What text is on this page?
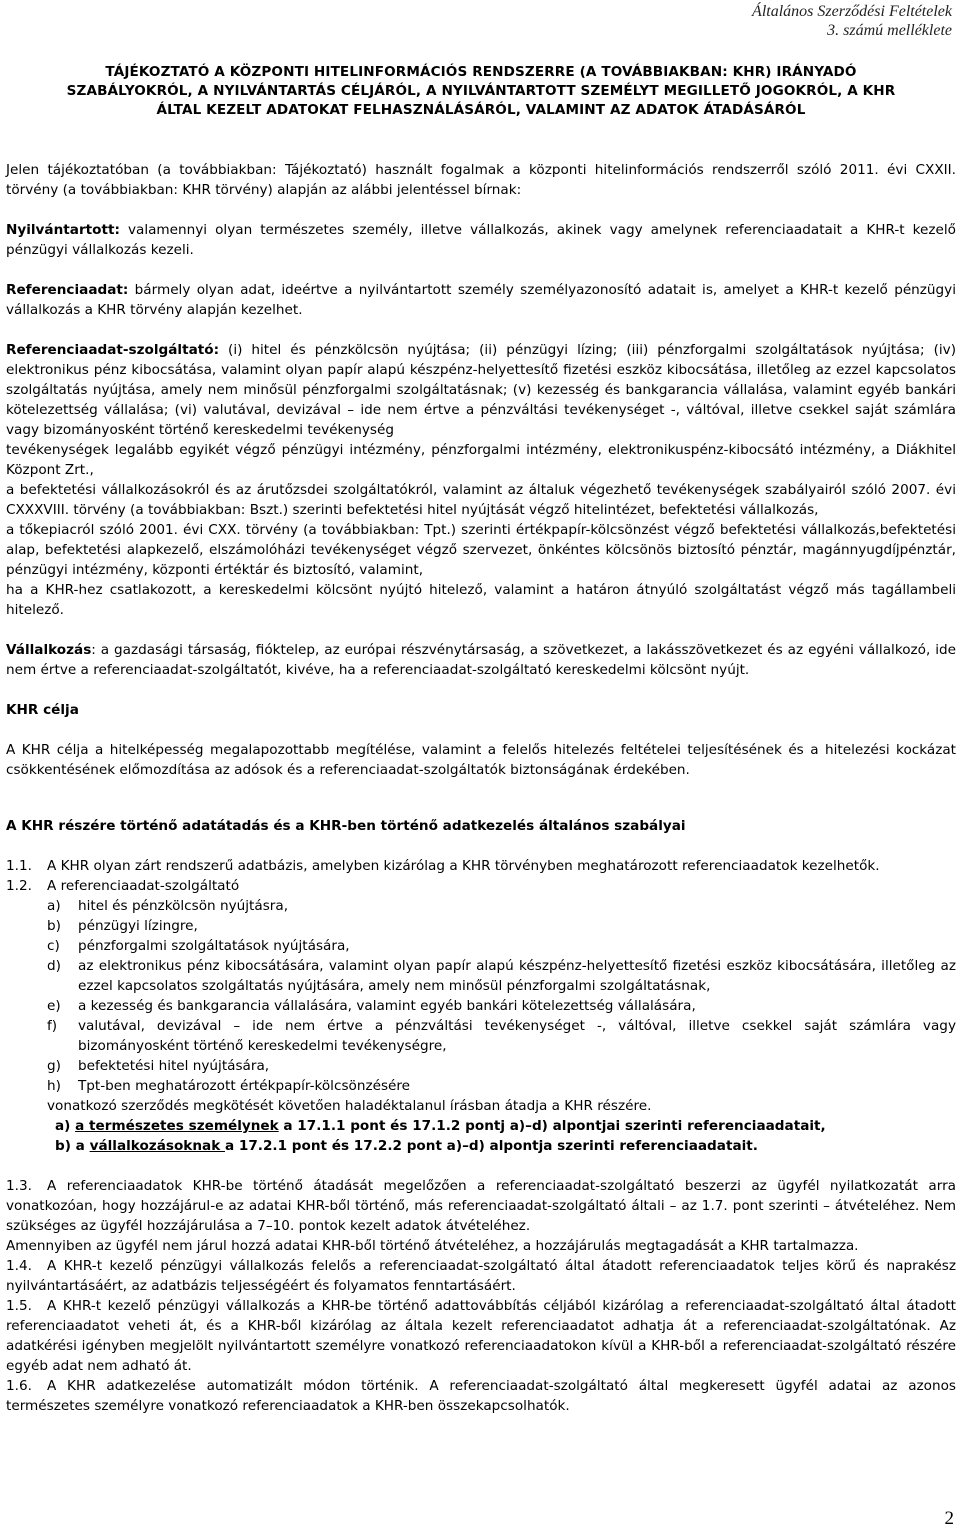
Általános Szerződési Feltételek
3. számú melléklete
TÁJÉKOZTATÓ A KÖZPONTI HITELINFORMÁCIÓS RENDSZERRE (A TOVÁBBIAKBAN: KHR) IRÁNYADÓ
SZABÁLYOKRÓL, A NYILVÁNTARTÁS CÉLJÁRÓL, A NYILVÁNTARTOTT SZEMÉLYT MEGILLETŐ JOGOKRÓL, A KHR
ÁLTAL KEZELT ADATOKAT FELHASZNÁLÁSÁRÓL, VALAMINT AZ ADATOK ÁTADÁSÁRÓL

Jelen tájékoztatóban (a továbbiakban: Tájékoztató) használt fogalmak a központi hitelinformációs rendszerről szóló 2011. évi CXXII. törvény (a továbbiakban: KHR törvény) alapján az alábbi jelentéssel bírnak:

Nyilvántartott: valamennyi olyan természetes személy, illetve vállalkozás, akinek vagy amelynek referenciaadatait a KHR-t kezelő pénzügyi vállalkozás kezeli.

Referenciaadat: bármely olyan adat, ideértve a nyilvántartott személy személyazonosító adatait is, amelyet a KHR-t kezelő pénzügyi vállalkozás a KHR törvény alapján kezelhet.

Referenciaadat-szolgáltató: (i) hitel és pénzkölcsön nyújtása; (ii) pénzügyi lízing; (iii) pénzforgalmi szolgáltatások nyújtása; (iv) elektronikus pénz kibocsátása, valamint olyan papír alapú készpénz-helyettesítő fizetési eszköz kibocsátása, illetőleg az ezzel kapcsolatos szolgáltatás nyújtása, amely nem minősül pénzforgalmi szolgáltatásnak; (v) kezesség és bankgarancia vállalása, valamint egyéb bankári kötelezettség vállalása; (vi) valutával, devizával – ide nem értve a pénzváltási tevékenységet -, váltóval, illetve csekkel saját számlára vagy bizományosként történő kereskedelmi tevékenység

tevékenységek legalább egyikét végző pénzügyi intézmény, pénzforgalmi intézmény, elektronikuspénz-kibocsátó intézmény, a Diákhitel Központ Zrt.,

a befektetési vállalkozásokról és az árutőzsdei szolgáltatókról, valamint az általuk végezhető tevékenységek szabályairól szóló 2007. évi CXXXVIII. törvény (a továbbiakban: Bszt.) szerinti befektetési hitel nyújtását végző hitelintézet, befektetési vállalkozás,

a tőkepiacról szóló 2001. évi CXX. törvény (a továbbiakban: Tpt.) szerinti értékpapír-kölcsönzést végző befektetési vállalkozás,befektetési alap, befektetési alapkezelő, elszámolóházi tevékenységet végző szervezet, önkéntes kölcsönös biztosító pénztár, magánnyugdíjpénztár, pénzügyi intézmény, központi értéktár és biztosító, valamint,

ha a KHR-hez csatlakozott, a kereskedelmi kölcsönt nyújtó hitelező, valamint a határon átnyúló szolgáltatást végző más tagállambeli hitelező.

Vállalkozás: a gazdasági társaság, fióktelep, az európai részvénytársaság, a szövetkezet, a lakásszövetkezet és az egyéni vállalkozó, ide nem értve a referenciaadat-szolgáltatót, kivéve, ha a referenciaadat-szolgáltató kereskedelmi kölcsönt nyújt.

KHR célja

A KHR célja a hitelképesség megalapozottabb megítélése, valamint a felelős hitelezés feltételei teljesítésének és a hitelezési kockázat csökkentésének előmozdítása az adósok és a referenciaadat-szolgáltatók biztonságának érdekében.

A KHR részére történő adatátadás és a KHR-ben történő adatkezelés általános szabályai

1.1.	A KHR olyan zárt rendszerű adatbázis, amelyben kizárólag a KHR törvényben meghatározott referenciaadatok kezelhetők.

1.2.	A referenciaadat-szolgáltató

a)	hitel és pénzkölcsön nyújtásra,

b)	pénzügyi lízingre,

c)	pénzforgalmi szolgáltatások nyújtására,

d)	az elektronikus pénz kibocsátására, valamint olyan papír alapú készpénz-helyettesítő fizetési eszköz kibocsátására, illetőleg az ezzel kapcsolatos szolgáltatás nyújtására, amely nem minősül pénzforgalmi szolgáltatásnak,

e)	a kezesség és bankgarancia vállalására, valamint egyéb bankári kötelezettség vállalására,

f)	valutával, devizával – ide nem értve a pénzváltási tevékenységet -, váltóval, illetve csekkel saját számlára vagy bizományosként történő kereskedelmi tevékenységre,

g)	befektetési hitel nyújtására,

h)	Tpt-ben meghatározott értékpapír-kölcsönzésére

vonatkozó szerződés megkötését követően haladéktalanul írásban átadja a KHR részére.

a) a természetes személynek a 17.1.1 pont és 17.1.2 pontj a)–d) alpontjai szerinti referenciaadatait,

b) a vállalkozásoknak a 17.2.1 pont és 17.2.2 pont a)–d) alpontja szerinti referenciaadatait.

1.3. A referenciaadatok KHR-be történő átadását megelőzően a referenciaadat-szolgáltató beszerzi az ügyfél nyilatkozatát arra vonatkozóan, hogy hozzájárul-e az adatai KHR-ből történő, más referenciaadat-szolgáltató általi – az 1.7. pont szerinti – átvételéhez. Nem szükséges az ügyfél hozzájárulása a 7–10. pontok kezelt adatok átvételéhez.

Amennyiben az ügyfél nem járul hozzá adatai KHR-ből történő átvételéhez, a hozzájárulás megtagadását a KHR tartalmazza.

1.4. A KHR-t kezelő pénzügyi vállalkozás felelős a referenciaadat-szolgáltató által átadott referenciaadatok teljes körű és naprakész nyilvántartásáért, az adatbázis teljességéért és folyamatos fenntartásáért.

1.5. A KHR-t kezelő pénzügyi vállalkozás a KHR-be történő adattovábbítás céljából kizárólag a referenciaadat-szolgáltató által átadott referenciaadatot veheti át, és a KHR-ből kizárólag az általa kezelt referenciaadatot adhatja át a referenciaadat-szolgáltatónak. Az adatkérési igényben megjelölt nyilvántartott személyre vonatkozó referenciaadatokon kívül a KHR-ből a referenciaadat-szolgáltató részére egyéb adat nem adható át.

1.6. A KHR adatkezelése automatizált módon történik. A referenciaadat-szolgáltató által megkeresett ügyfél adatai az azonos természetes személyre vonatkozó referenciaadatok a KHR-ben összekapcsolhatók.

2
